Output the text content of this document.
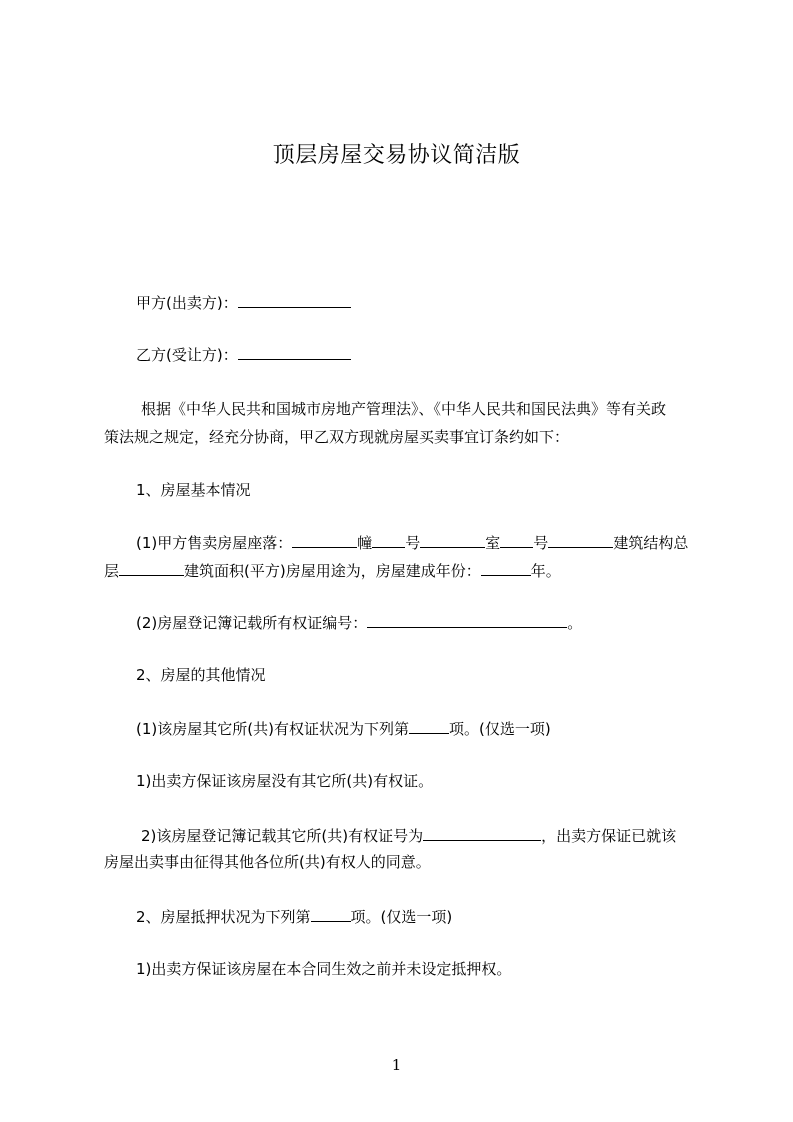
顶层房屋交易协议简洁版
甲方(出卖方)：
乙方(受让方)：
根据《中华人民共和国城市房地产管理法》、《中华人民共和国民法典》等有关政
策法规之规定，经充分协商，甲乙双方现就房屋买卖事宜订条约如下：
1、房屋基本情况
(1)甲方售卖房屋座落：	幢 号	室 号	建筑结构总
层	建筑面积(平方)房屋用途为，房屋建成年份：	年。
(2)房屋登记簿记载所有权证编号：	。
2、房屋的其他情况
(1)该房屋其它所(共)有权证状况为下列第	项。(仅选一项)
1)出卖方保证该房屋没有其它所(共)有权证。
2)该房屋登记簿记载其它所(共)有权证号为	，出卖方保证已就该
房屋出卖事由征得其他各位所(共)有权人的同意。
2、房屋抵押状况为下列第	项。(仅选一项)
1)出卖方保证该房屋在本合同生效之前并未设定抵押权。
1
